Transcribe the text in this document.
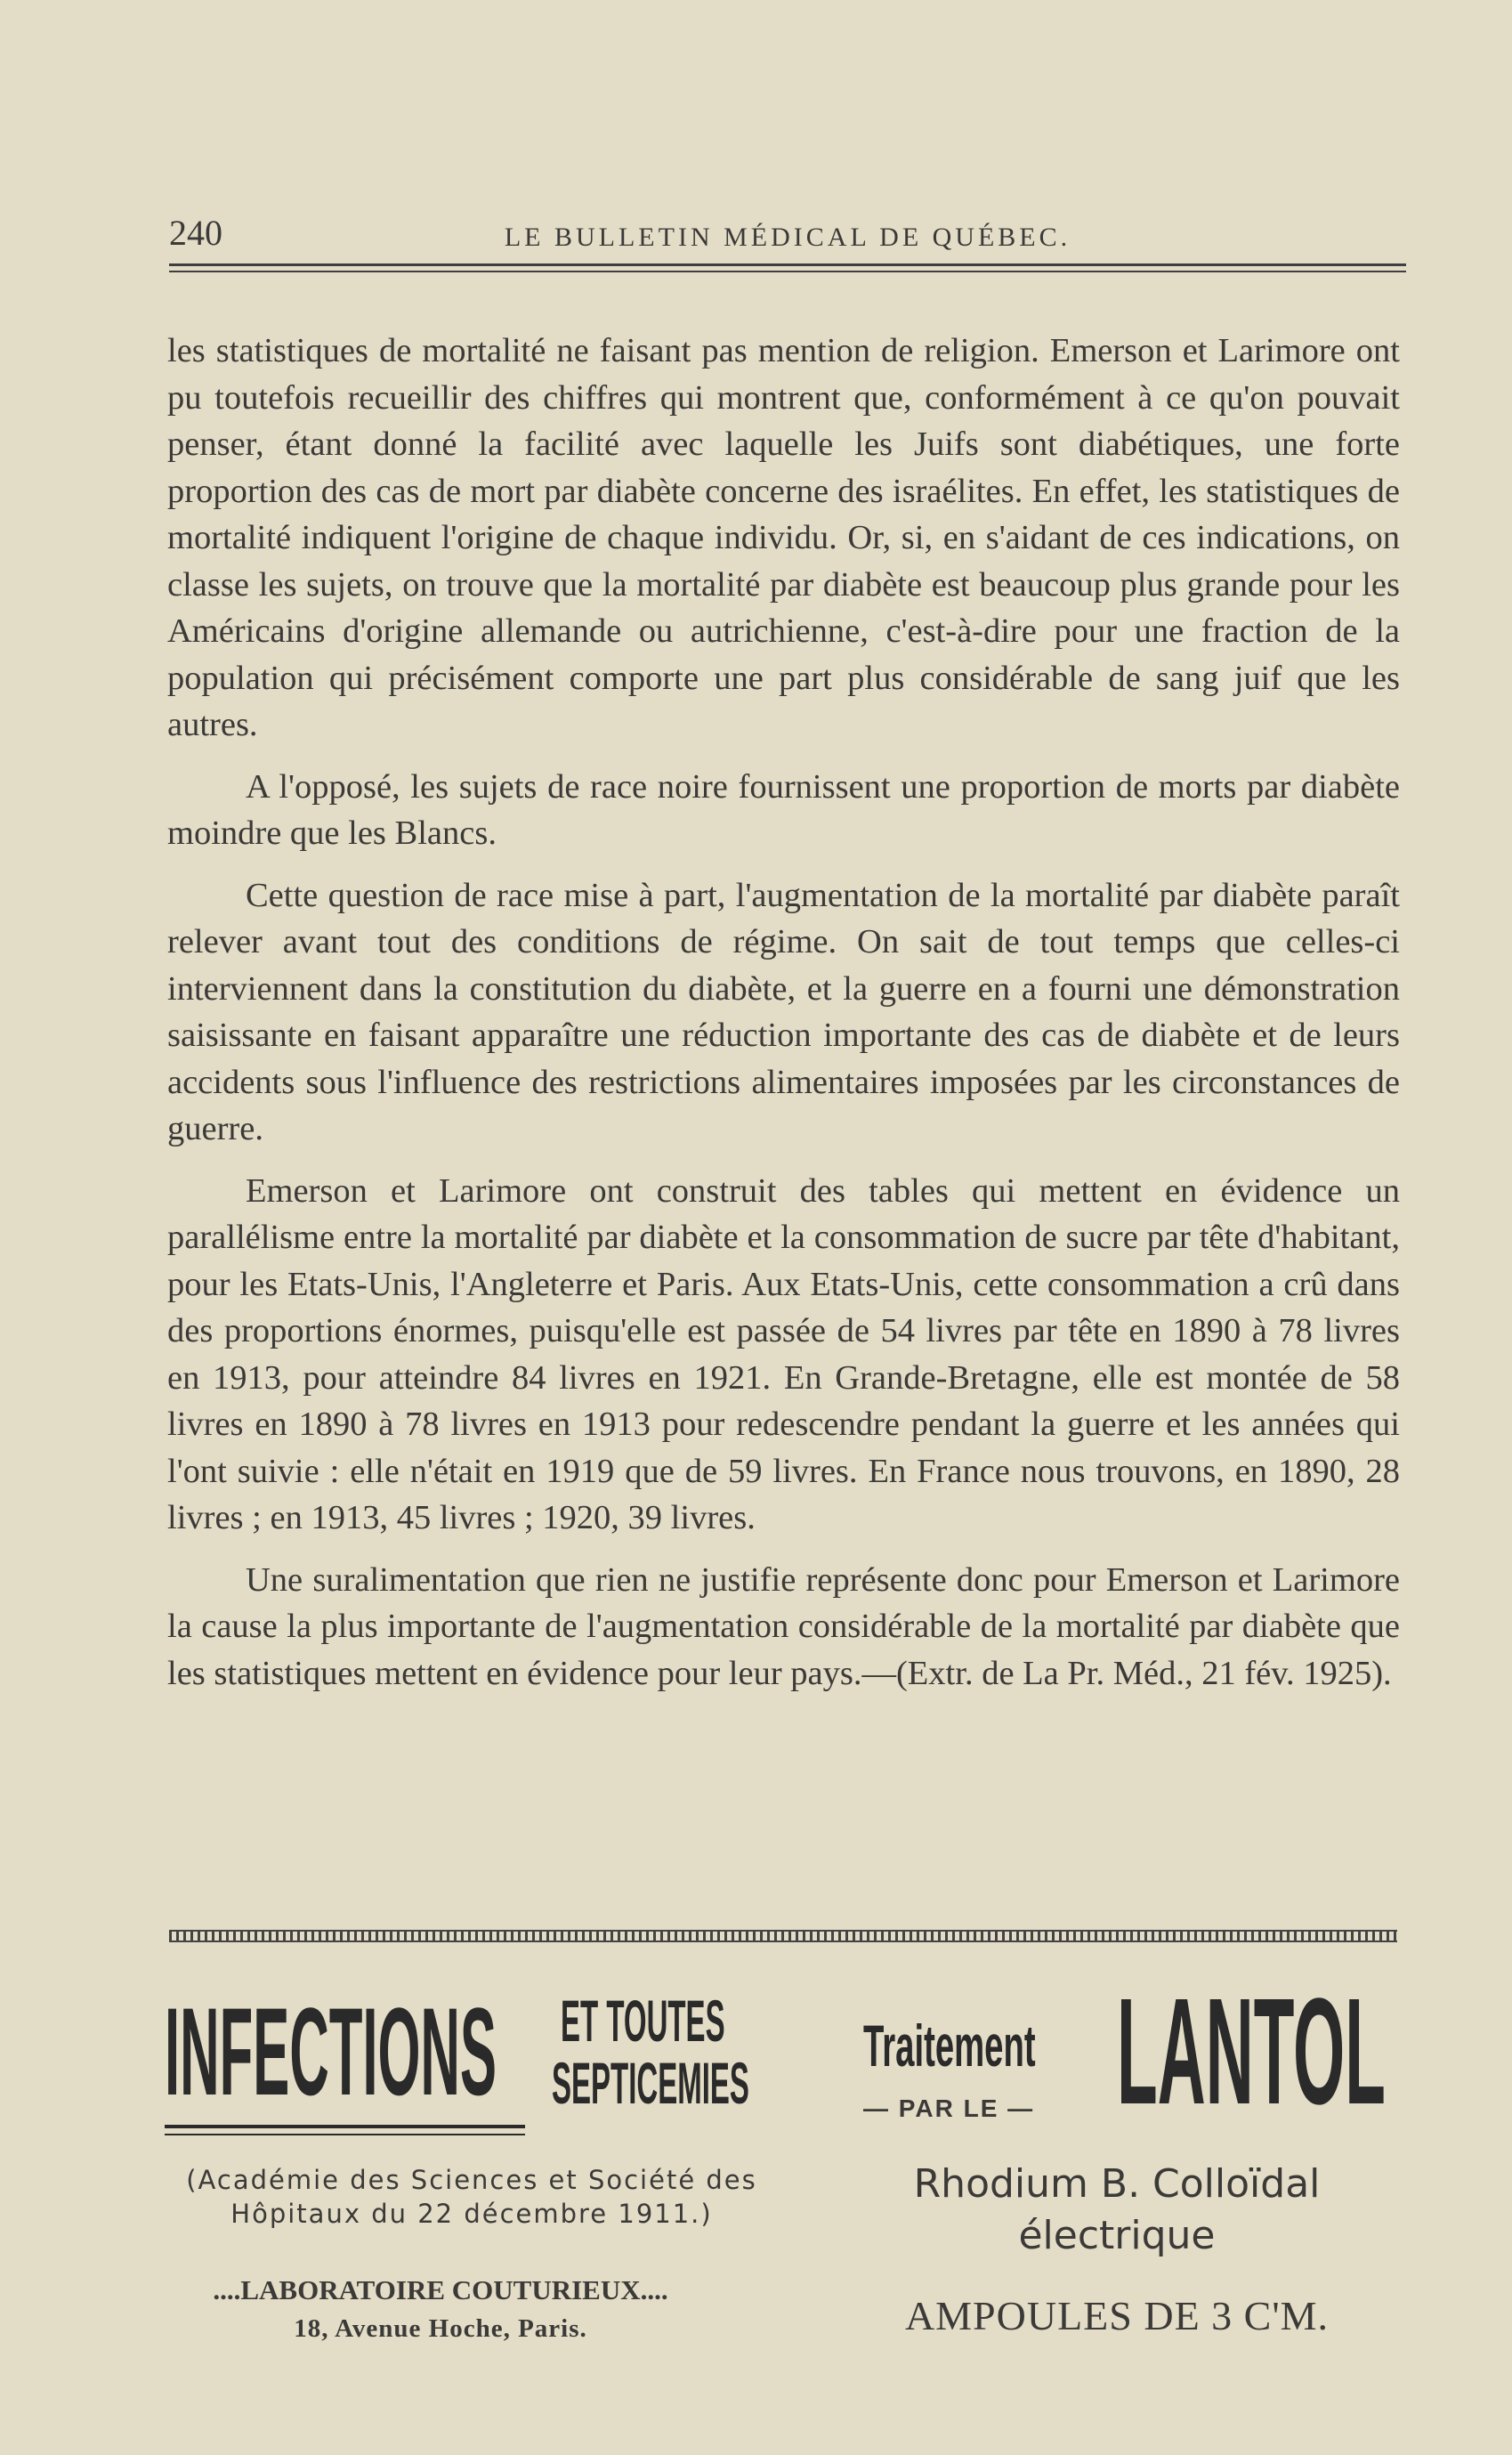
240	LE BULLETIN MÉDICAL DE QUÉBEC.

les statistiques de mortalité ne faisant pas mention de religion. Emerson et Larimore ont pu toutefois recueillir des chiffres qui montrent que, conformément à ce qu'on pouvait penser, étant donné la facilité avec laquelle les Juifs sont diabétiques, une forte proportion des cas de mort par diabète concerne des israélites. En effet, les statistiques de mortalité indiquent l'origine de chaque individu. Or, si, en s'aidant de ces indications, on classe les sujets, on trouve que la mortalité par diabète est beaucoup plus grande pour les Américains d'origine allemande ou autrichienne, c'est-à-dire pour une fraction de la population qui précisément comporte une part plus considérable de sang juif que les autres.

A l'opposé, les sujets de race noire fournissent une proportion de morts par diabète moindre que les Blancs.

Cette question de race mise à part, l'augmentation de la mortalité par diabète paraît relever avant tout des conditions de régime. On sait de tout temps que celles-ci interviennent dans la constitution du diabète, et la guerre en a fourni une démonstration saisissante en faisant apparaître une réduction importante des cas de diabète et de leurs accidents sous l'influence des restrictions alimentaires imposées par les circonstances de guerre.

Emerson et Larimore ont construit des tables qui mettent en évidence un parallélisme entre la mortalité par diabète et la consommation de sucre par tête d'habitant, pour les Etats-Unis, l'Angleterre et Paris. Aux Etats-Unis, cette consommation a crû dans des proportions énormes, puisqu'elle est passée de 54 livres par tête en 1890 à 78 livres en 1913, pour atteindre 84 livres en 1921. En Grande-Bretagne, elle est montée de 58 livres en 1890 à 78 livres en 1913 pour redescendre pendant la guerre et les années qui l'ont suivie : elle n'était en 1919 que de 59 livres. En France nous trouvons, en 1890, 28 livres ; en 1913, 45 livres ; 1920, 39 livres.

Une suralimentation que rien ne justifie représente donc pour Emerson et Larimore la cause la plus importante de l'augmentation considérable de la mortalité par diabète que les statistiques mettent en évidence pour leur pays.—(Extr. de La Pr. Méd., 21 fév. 1925).

INFECTIONS ET TOUTES
SEPTICEMIES
(Académie des Sciences et Société des Hôpitaux du 22 décembre 1911.)
....LABORATOIRE COUTURIEUX....
18, Avenue Hoche, Paris.
Traitement
— PAR LE — LANTOL
Rhodium B. Colloïdal
électrique
AMPOULES DE 3 C'M.
